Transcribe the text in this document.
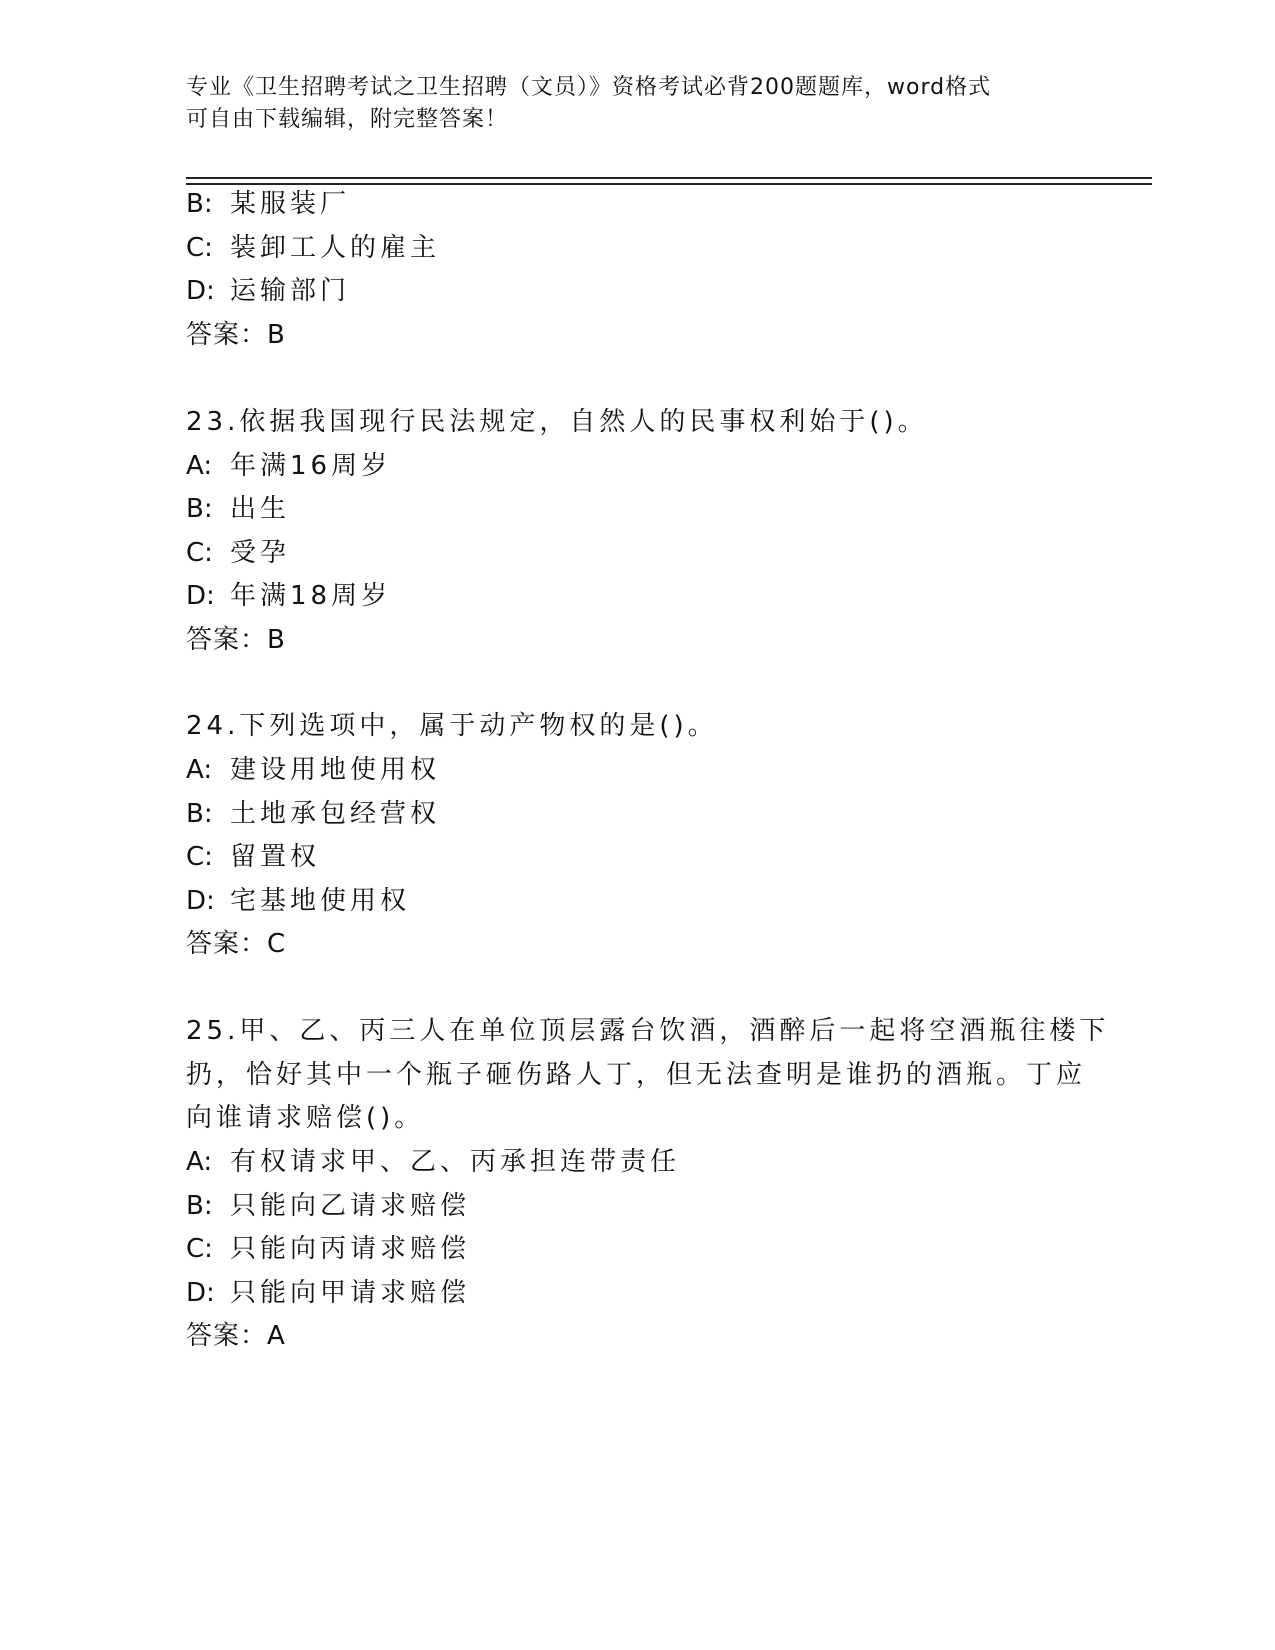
专业《卫生招聘考试之卫生招聘（文员）》资格考试必背200题题库，word格式
可自由下载编辑，附完整答案！
B: 某服装厂
C: 装卸工人的雇主
D: 运输部门
答案：B
23.依据我国现行民法规定，自然人的民事权利始于()。
A: 年满16周岁
B: 出生
C: 受孕
D: 年满18周岁
答案：B
24.下列选项中，属于动产物权的是()。
A: 建设用地使用权
B: 土地承包经营权
C: 留置权
D: 宅基地使用权
答案：C
25.甲、乙、丙三人在单位顶层露台饮酒，酒醉后一起将空酒瓶往楼下
扔，恰好其中一个瓶子砸伤路人丁，但无法查明是谁扔的酒瓶。丁应
向谁请求赔偿()。
A: 有权请求甲、乙、丙承担连带责任
B: 只能向乙请求赔偿
C: 只能向丙请求赔偿
D: 只能向甲请求赔偿
答案：A
